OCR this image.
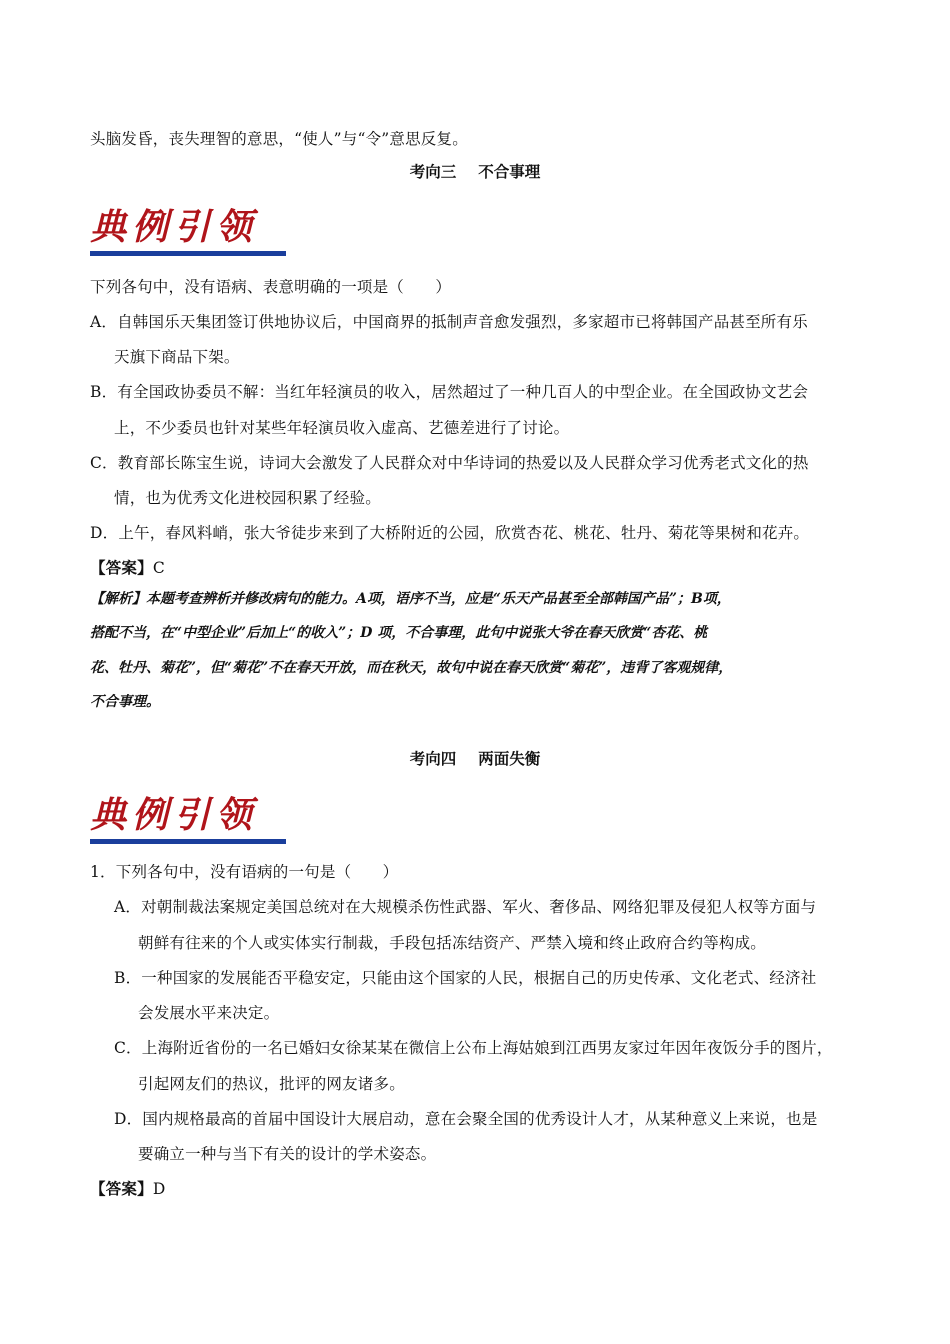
头脑发昏，丧失理智的意思，“使人”与“令”意思反复。
考向三 不合事理
典例引领
下列各句中，没有语病、表意明确的一项是（　　）
A．自韩国乐天集团签订供地协议后，中国商界的抵制声音愈发强烈，多家超市已将韩国产品甚至所有乐
天旗下商品下架。
B．有全国政协委员不解：当红年轻演员的收入，居然超过了一种几百人的中型企业。在全国政协文艺会
上，不少委员也针对某些年轻演员收入虚高、艺德差进行了讨论。
C．教育部长陈宝生说，诗词大会激发了人民群众对中华诗词的热爱以及人民群众学习优秀老式文化的热
情，也为优秀文化进校园积累了经验。
D．上午，春风料峭，张大爷徒步来到了大桥附近的公园，欣赏杏花、桃花、牡丹、菊花等果树和花卉。
【答案】C
【解析】本题考查辨析并修改病句的能力。A项，语序不当，应是“乐天产品甚至全部韩国产品”；B项，
搭配不当，在“中型企业”后加上“的收入”；D 项，不合事理，此句中说张大爷在春天欣赏“杏花、桃
花、牡丹、菊花”，但“菊花”不在春天开放，而在秋天，故句中说在春天欣赏“菊花”，违背了客观规律，
不合事理。
考向四 两面失衡
典例引领
1．下列各句中，没有语病的一句是（　　）
A．对朝制裁法案规定美国总统对在大规模杀伤性武器、军火、奢侈品、网络犯罪及侵犯人权等方面与
朝鲜有往来的个人或实体实行制裁，手段包括冻结资产、严禁入境和终止政府合约等构成。
B．一种国家的发展能否平稳安定，只能由这个国家的人民，根据自己的历史传承、文化老式、经济社
会发展水平来决定。
C．上海附近省份的一名已婚妇女徐某某在微信上公布上海姑娘到江西男友家过年因年夜饭分手的图片，
引起网友们的热议，批评的网友诸多。
D．国内规格最高的首届中国设计大展启动，意在会聚全国的优秀设计人才，从某种意义上来说，也是
要确立一种与当下有关的设计的学术姿态。
【答案】D
